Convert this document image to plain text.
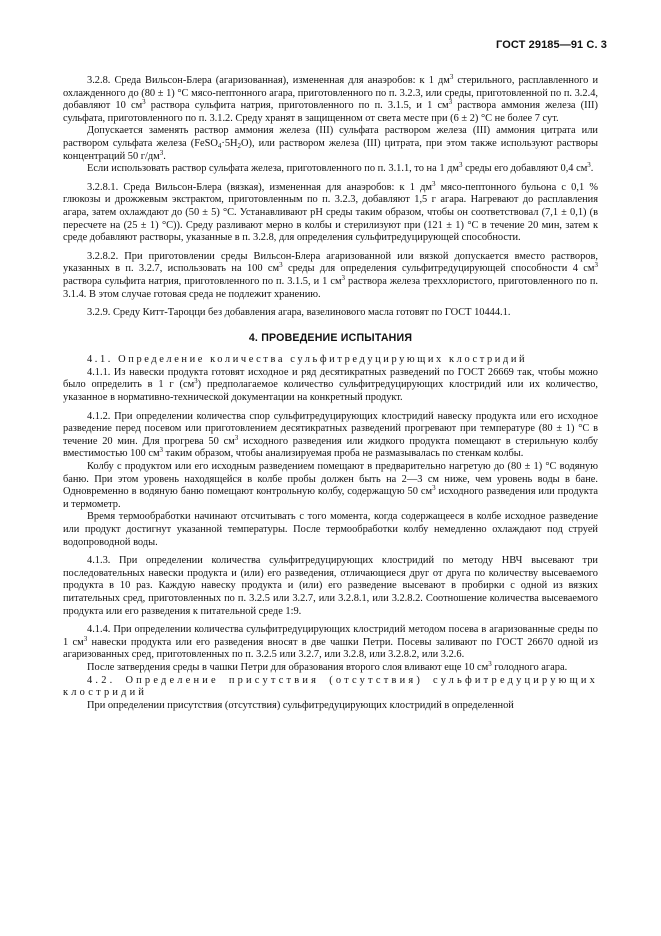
ГОСТ 29185—91 С. 3

3.2.8. Среда Вильсон-Блера (агаризованная), измененная для анаэробов: к 1 $дм^3$ стерильного, расплавленного и охлажденного до (80 ± 1) °С мясо-пептонного агара, приготовленного по п. 3.2.3, или среды, приготовленной по п. 3.2.4, добавляют 10 $см^3$ раствора сульфита натрия, приготовленного по п. 3.1.5, и 1 $см^3$ раствора аммония железа (III) сульфата, приготовленного по п. 3.1.2. Среду хранят в защищенном от света месте при (6 ± 2) °С не более 7 сут.

Допускается заменять раствор аммония железа (III) сульфата раствором железа (III) аммония цитрата или раствором сульфата железа $(FeSO_4\cdot 5H_2O)$, или раствором железа (III) цитрата, при этом также используют растворы концентраций 50 $г/дм^3$.

Если использовать раствор сульфата железа, приготовленного по п. 3.1.1, то на 1 $дм^3$ среды его добавляют 0,4 $см^3$.

3.2.8.1. Среда Вильсон-Блера (вязкая), измененная для анаэробов: к 1 $дм^3$ мясо-пептонного бульона с 0,1 % глюкозы и дрожжевым экстрактом, приготовленным по п. 3.2.3, добавляют 1,5 г агара. Нагревают до расплавления агара, затем охлаждают до (50 ± 5) °С. Устанавливают рН среды таким образом, чтобы он соответствовал (7,1 ± 0,1) (в пересчете на (25 ± 1) °С)). Среду разливают мерно в колбы и стерилизуют при (121 ± 1) °С в течение 20 мин, затем к среде добавляют растворы, указанные в п. 3.2.8, для определения сульфитредуцирующей способности.

3.2.8.2. При приготовлении среды Вильсон-Блера агаризованной или вязкой допускается вместо растворов, указанных в п. 3.2.7, использовать на 100 $см^3$ среды для определения сульфитредуцирующей способности 4 $см^3$ раствора сульфита натрия, приготовленного по п. 3.1.5, и 1 $см^3$ раствора железа треххлористого, приготовленного по п. 3.1.4. В этом случае готовая среда не подлежит хранению.

3.2.9. Среду Китт-Тароцци без добавления агара, вазелинового масла готовят по ГОСТ 10444.1.

4. ПРОВЕДЕНИЕ ИСПЫТАНИЯ

4.1. Определение количества сульфитредуцирующих клостридий

4.1.1. Из навески продукта готовят исходное и ряд десятикратных разведений по ГОСТ 26669 так, чтобы можно было определить в 1 г $(см^3)$ предполагаемое количество сульфитредуцирующих клостридий или их количество, указанное в нормативно-технической документации на конкретный продукт.

4.1.2. При определении количества спор сульфитредуцирующих клостридий навеску продукта или его исходное разведение перед посевом или приготовлением десятикратных разведений прогревают при температуре (80 ± 1) °С в течение 20 мин. Для прогрева 50 $см^3$ исходного разведения или жидкого продукта помещают в стерильную колбу вместимостью 100 $см^3$ таким образом, чтобы анализируемая проба не размазывалась по стенкам колбы.

Колбу с продуктом или его исходным разведением помещают в предварительно нагретую до (80 ± 1) °С водяную баню. При этом уровень находящейся в колбе пробы должен быть на 2—3 см ниже, чем уровень воды в бане. Одновременно в водяную баню помещают контрольную колбу, содержащую 50 $см^3$ исходного разведения или продукта и термометр.

Время термообработки начинают отсчитывать с того момента, когда содержащееся в колбе исходное разведение или продукт достигнут указанной температуры. После термообработки колбу немедленно охлаждают под струей водопроводной воды.

4.1.3. При определении количества сульфитредуцирующих клостридий по методу НВЧ высевают три последовательных навески продукта и (или) его разведения, отличающиеся друг от друга по количеству высеваемого продукта в 10 раз. Каждую навеску продукта и (или) его разведение высевают в пробирки с одной из вязких питательных сред, приготовленных по п. 3.2.5 или 3.2.7, или 3.2.8.1, или 3.2.8.2. Соотношение количества высеваемого продукта или его разведения к питательной среде 1:9.

4.1.4. При определении количества сульфитредуцирующих клостридий методом посева в агаризованные среды по 1 $см^3$ навески продукта или его разведения вносят в две чашки Петри. Посевы заливают по ГОСТ 26670 одной из агаризованных сред, приготовленных по п. 3.2.5 или 3.2.7, или 3.2.8, или 3.2.8.2, или 3.2.6.

После затвердения среды в чашки Петри для образования второго слоя вливают еще 10 $см^3$ голодного агара.

4.2. Определение присутствия (отсутствия) сульфитредуцирующих клостридий

При определении присутствия (отсутствия) сульфитредуцирующих клостридий в определенной
